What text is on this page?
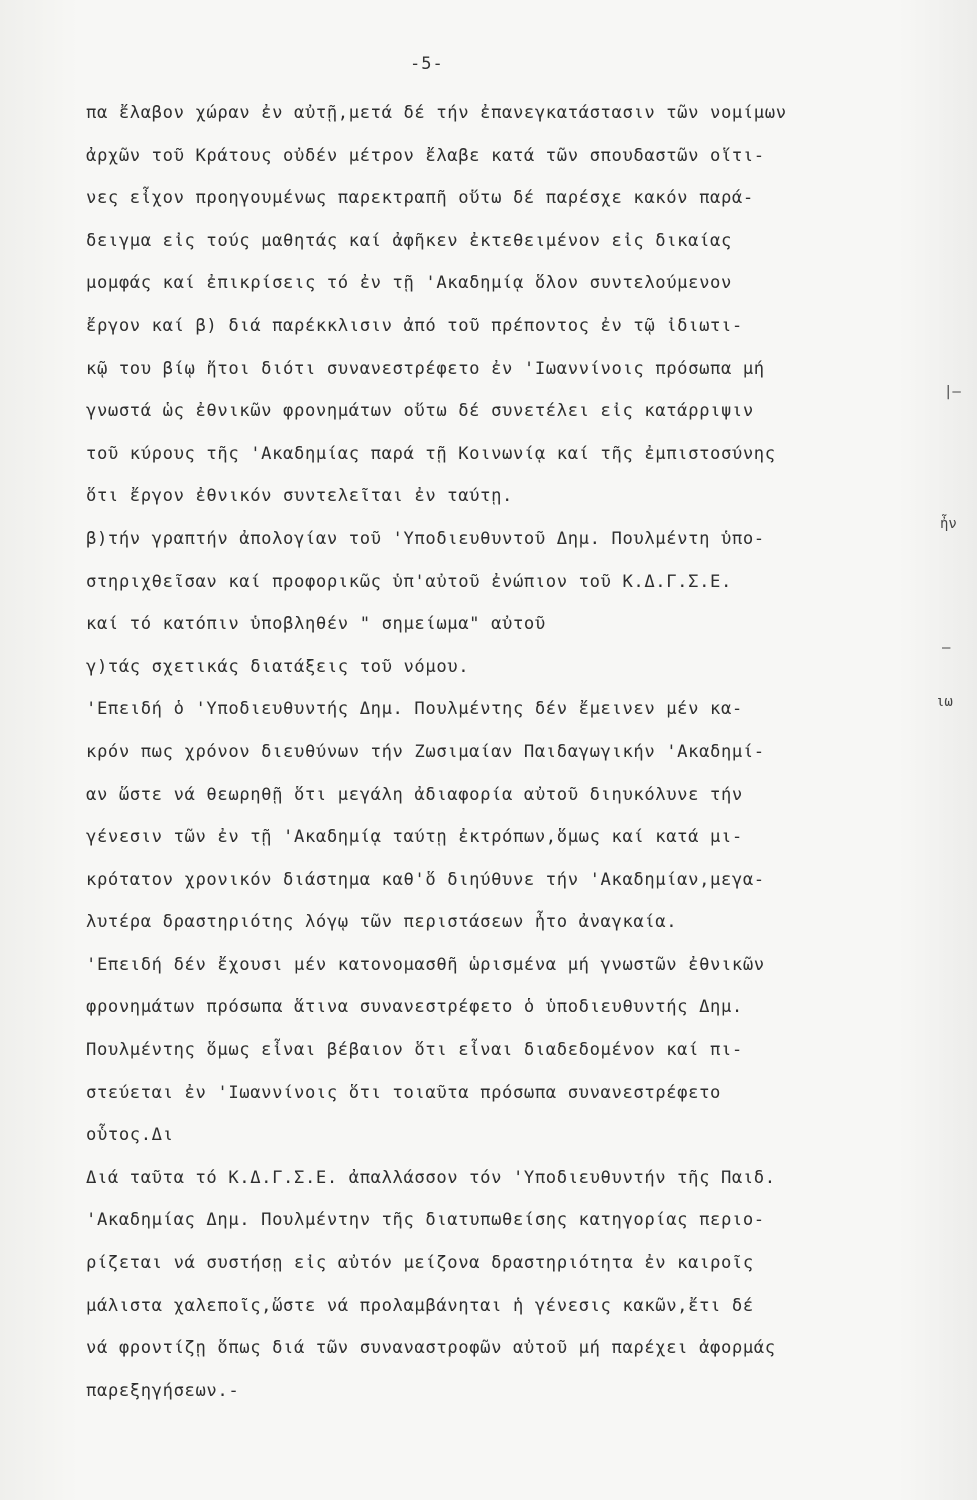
-5-
πα ἔλαβον χώραν ἐν αὐτῇ,μετά δέ τήν ἐπανεγκατάστασιν τῶν νομίμων
ἀρχῶν τοῦ Κράτους οὐδέν μέτρον ἔλαβε κατά τῶν σπουδαστῶν οἵτι-
νες εἶχον προηγουμένως παρεκτραπῆ οὕτω δέ παρέσχε κακόν παρά-
δειγμα εἰς τούς μαθητάς καί ἀφῆκεν ἐκτεθειμένον εἰς δικαίας
μομφάς καί ἐπικρίσεις τό ἐν τῇ 'Ακαδημίᾳ ὅλον συντελούμενον
ἔργον καί β) διά παρέκκλισιν ἀπό τοῦ πρέποντος ἐν τῷ ἰδιωτι-
κῷ του βίῳ ἤτοι διότι συνανεστρέφετο ἐν 'Ιωαννίνοις πρόσωπα μή
γνωστά ὡς ἐθνικῶν φρονημάτων οὕτω δέ συνετέλει εἰς κατάρριψιν
τοῦ κύρους τῆς 'Ακαδημίας παρά τῇ Κοινωνίᾳ καί τῆς ἐμπιστοσύνης
ὅτι ἔργον ἐθνικόν συντελεῖται ἐν ταύτῃ.
β)τήν γραπτήν ἀπολογίαν τοῦ 'Υποδιευθυντοῦ Δημ. Πουλμέντη ὑπο-
στηριχθεῖσαν καί προφορικῶς ὑπ'αὐτοῦ ἐνώπιον τοῦ Κ.Δ.Γ.Σ.Ε.
καί τό κατόπιν ὑποβληθέν " σημείωμα" αὐτοῦ
γ)τάς σχετικάς διατάξεις τοῦ νόμου.
'Επειδή ὁ 'Υποδιευθυντής Δημ. Πουλμέντης δέν ἔμεινεν μέν κα-
κρόν πως χρόνον διευθύνων τήν Ζωσιμαίαν Παιδαγωγικήν 'Ακαδημί-
αν ὥστε νά θεωρηθῇ ὅτι μεγάλη ἀδιαφορία αὐτοῦ διηυκόλυνε τήν
γένεσιν τῶν ἐν τῇ 'Ακαδημίᾳ ταύτῃ ἐκτρόπων,ὅμως καί κατά μι-
κρότατον χρονικόν διάστημα καθ'ὅ διηύθυνε τήν 'Ακαδημίαν,μεγα-
λυτέρα δραστηριότης λόγῳ τῶν περιστάσεων ἦτο ἀναγκαία.
'Επειδή δέν ἔχουσι μέν κατονομασθῆ ὡρισμένα μή γνωστῶν ἐθνικῶν
φρονημάτων πρόσωπα ἅτινα συνανεστρέφετο ὁ ὑποδιευθυντής Δημ.
Πουλμέντης ὅμως εἶναι βέβαιον ὅτι εἶναι διαδεδομένον καί πι-
στεύεται ἐν 'Ιωαννίνοις ὅτι τοιαῦτα πρόσωπα συνανεστρέφετο
οὗτος.Δι
Διά ταῦτα τό Κ.Δ.Γ.Σ.Ε. ἀπαλλάσσον τόν 'Υποδιευθυντήν τῆς Παιδ.
'Ακαδημίας Δημ. Πουλμέντην τῆς διατυπωθείσης κατηγορίας περιο-
ρίζεται νά συστήσῃ εἰς αὐτόν μείζονα δραστηριότητα ἐν καιροῖς
μάλιστα χαλεποῖς,ὥστε νά προλαμβάνηται ἡ γένεσις κακῶν,ἔτι δέ
νά φροντίζῃ ὅπως διά τῶν συναναστροφῶν αὐτοῦ μή παρέχει ἀφορμάς
παρεξηγήσεων.-
|—
ἦν
—
ιω
